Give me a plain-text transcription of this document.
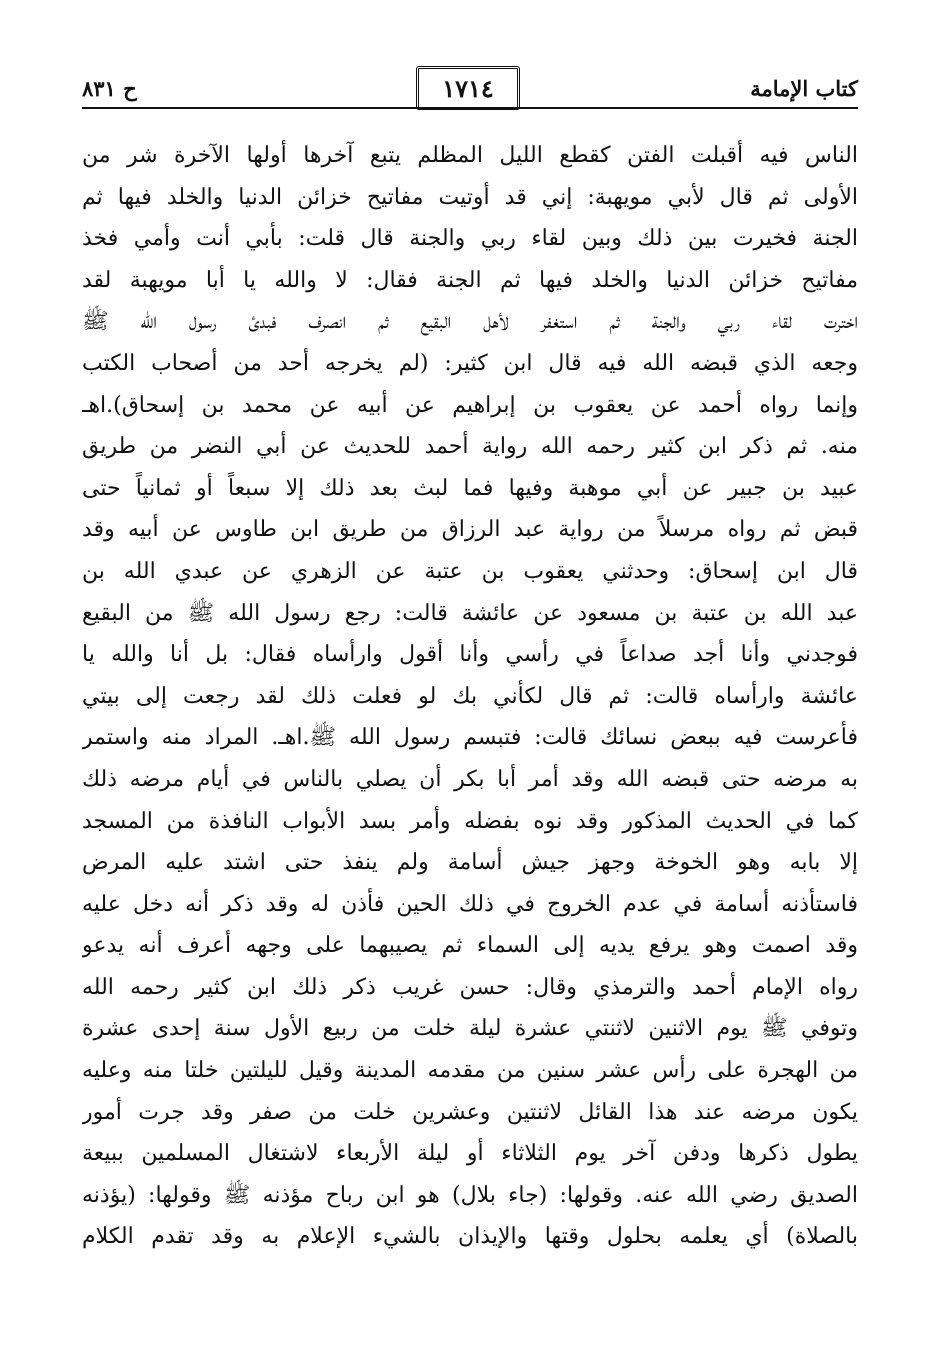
كتاب الإمامة
١٧١٤
ح ٨٣١
الناس فيه أقبلت الفتن كقطع الليل المظلم يتبع آخرها أولها الآخرة شر من
الأولى ثم قال لأبي مويهبة: إني قد أوتيت مفاتيح خزائن الدنيا والخلد فيها ثم
الجنة فخيرت بين ذلك وبين لقاء ربي والجنة قال قلت: بأبي أنت وأمي فخذ
مفاتيح خزائن الدنيا والخلد فيها ثم الجنة فقال: لا والله يا أبا مويهبة لقد
اخترت لقاء ربي والجنة ثم استغفر لأهل البقيع ثم انصرف فبدئ رسول الله ﷺ
وجعه الذي قبضه الله فيه قال ابن كثير: (لم يخرجه أحد من أصحاب الكتب
وإنما رواه أحمد عن يعقوب بن إبراهيم عن أبيه عن محمد بن إسحاق).اهـ
منه. ثم ذكر ابن كثير رحمه الله رواية أحمد للحديث عن أبي النضر من طريق
عبيد بن جبير عن أبي موهبة وفيها فما لبث بعد ذلك إلا سبعاً أو ثمانياً حتى
قبض ثم رواه مرسلاً من رواية عبد الرزاق من طريق ابن طاوس عن أبيه وقد
قال ابن إسحاق: وحدثني يعقوب بن عتبة عن الزهري عن عبدي الله بن
عبد الله بن عتبة بن مسعود عن عائشة قالت: رجع رسول الله ﷺ من البقيع
فوجدني وأنا أجد صداعاً في رأسي وأنا أقول وارأساه فقال: بل أنا والله يا
عائشة وارأساه قالت: ثم قال لكأني بك لو فعلت ذلك لقد رجعت إلى بيتي
فأعرست فيه ببعض نسائك قالت: فتبسم رسول الله ﷺ.اهـ. المراد منه واستمر
به مرضه حتى قبضه الله وقد أمر أبا بكر أن يصلي بالناس في أيام مرضه ذلك
كما في الحديث المذكور وقد نوه بفضله وأمر بسد الأبواب النافذة من المسجد
إلا بابه وهو الخوخة وجهز جيش أسامة ولم ينفذ حتى اشتد عليه المرض
فاستأذنه أسامة في عدم الخروج في ذلك الحين فأذن له وقد ذكر أنه دخل عليه
وقد اصمت وهو يرفع يديه إلى السماء ثم يصيبهما على وجهه أعرف أنه يدعو
رواه الإمام أحمد والترمذي وقال: حسن غريب ذكر ذلك ابن كثير رحمه الله
وتوفي ﷺ يوم الاثنين لاثنتي عشرة ليلة خلت من ربيع الأول سنة إحدى عشرة
من الهجرة على رأس عشر سنين من مقدمه المدينة وقيل لليلتين خلتا منه وعليه
يكون مرضه عند هذا القائل لاثنتين وعشرين خلت من صفر وقد جرت أمور
يطول ذكرها ودفن آخر يوم الثلاثاء أو ليلة الأربعاء لاشتغال المسلمين ببيعة
الصديق رضي الله عنه. وقولها: (جاء بلال) هو ابن رباح مؤذنه ﷺ وقولها: (يؤذنه
بالصلاة) أي يعلمه بحلول وقتها والإيذان بالشيء الإعلام به وقد تقدم الكلام
